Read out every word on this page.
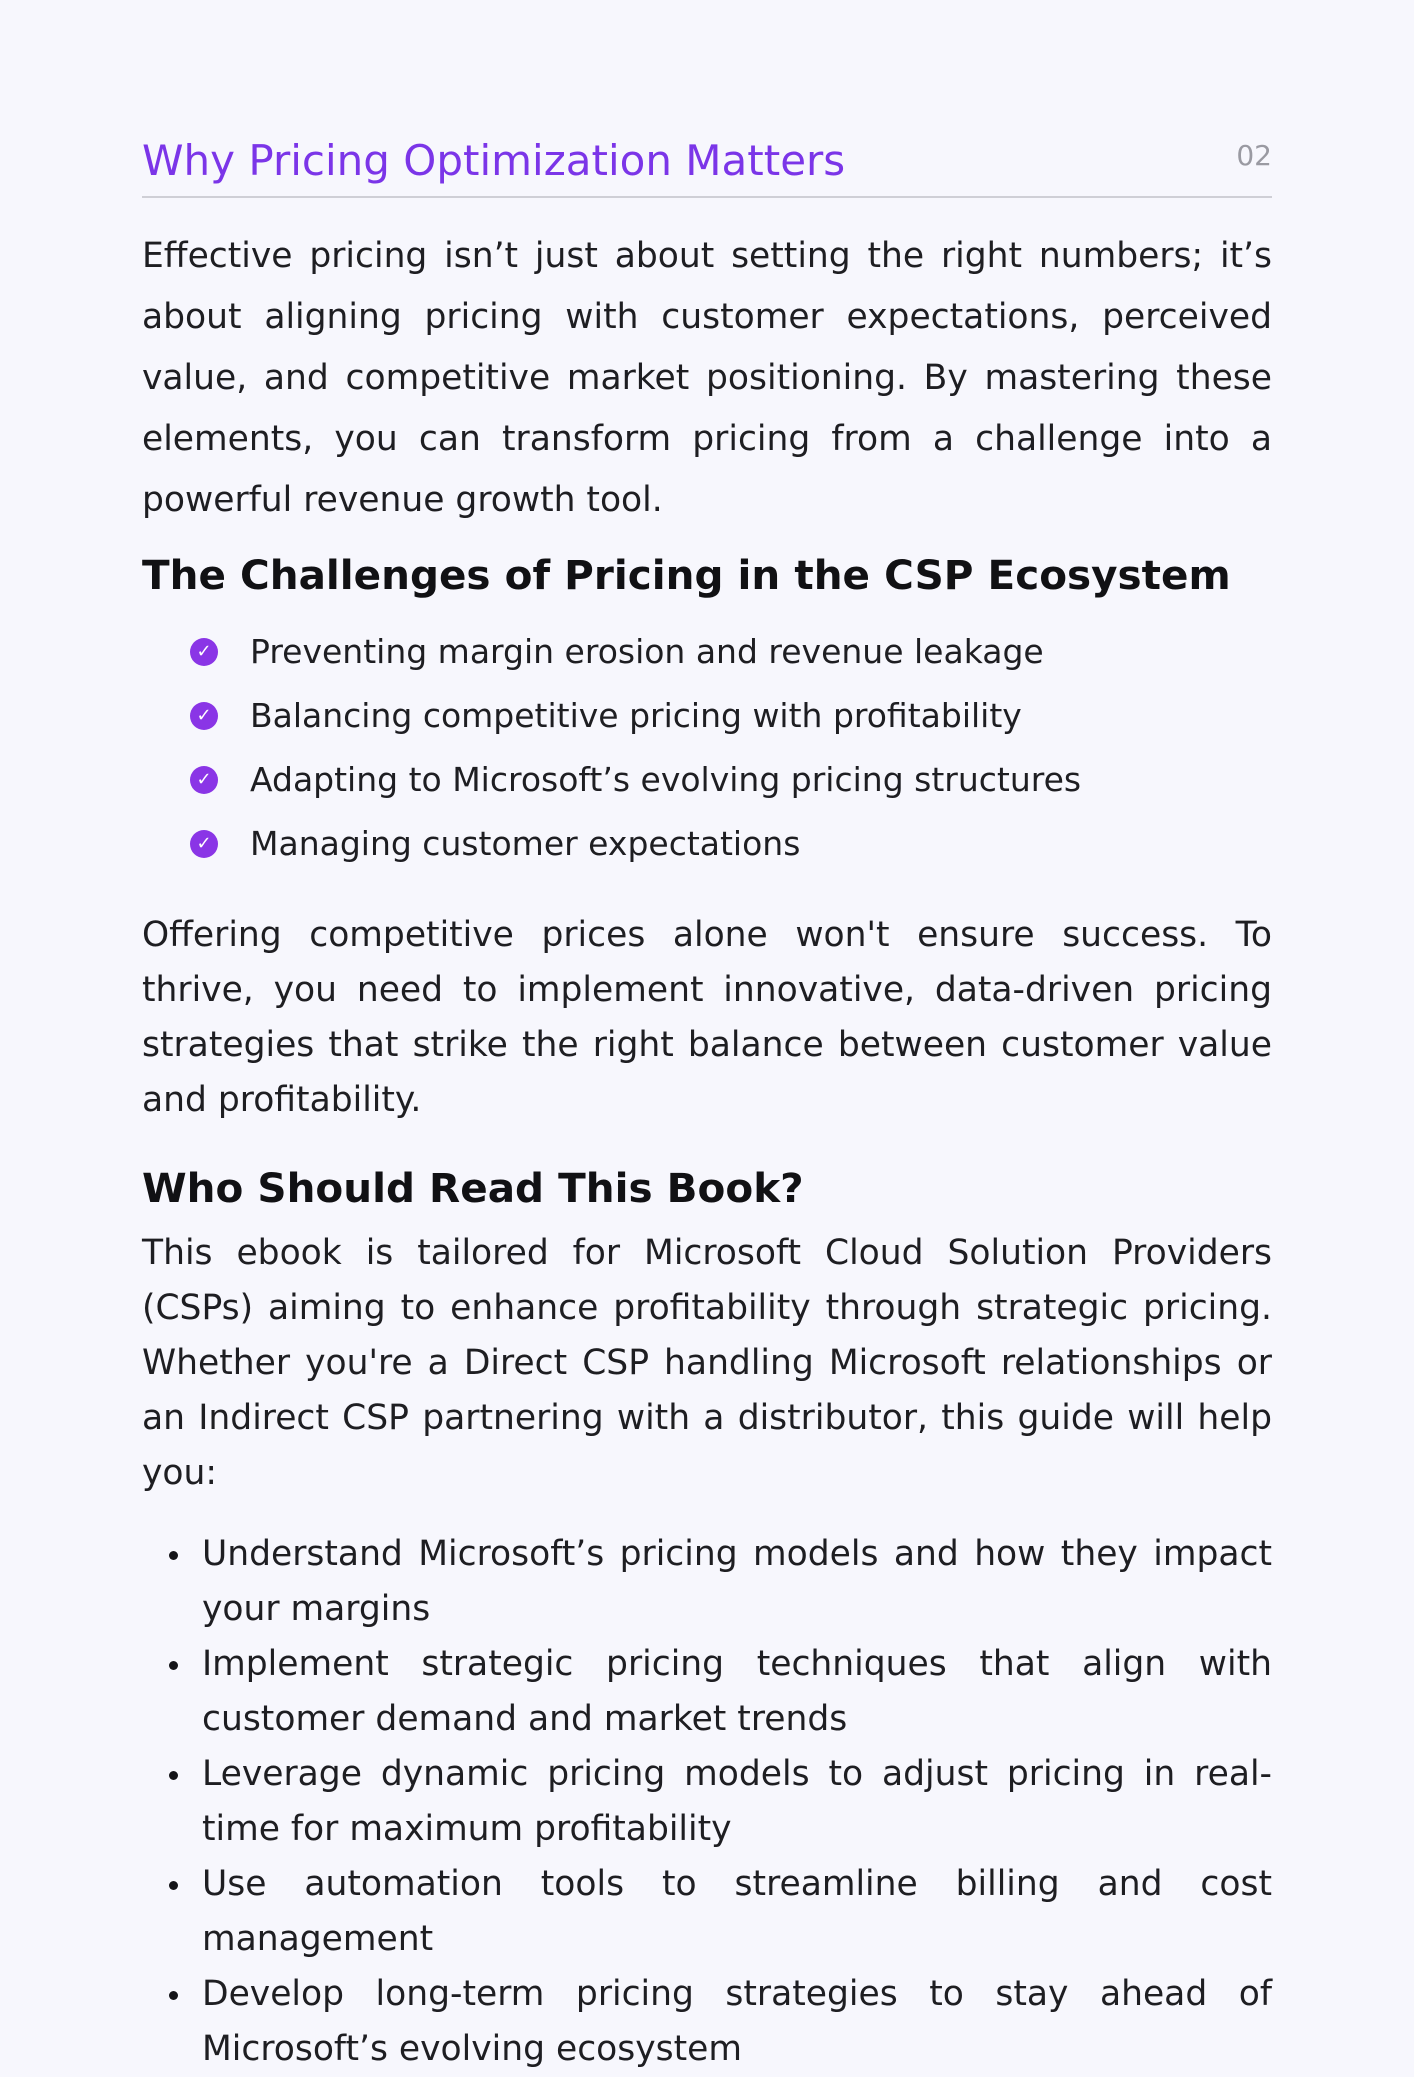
Why Pricing Optimization Matters	02

Effective pricing isn’t just about setting the right numbers; it’s about aligning pricing with customer expectations, perceived value, and competitive market positioning. By mastering these elements, you can transform pricing from a challenge into a powerful revenue growth tool.

The Challenges of Pricing in the CSP Ecosystem
✓ Preventing margin erosion and revenue leakage
✓ Balancing competitive pricing with profitability
✓ Adapting to Microsoft’s evolving pricing structures
✓ Managing customer expectations

Offering competitive prices alone won't ensure success. To thrive, you need to implement innovative, data-driven pricing strategies that strike the right balance between customer value and profitability.

Who Should Read This Book?

This ebook is tailored for Microsoft Cloud Solution Providers (CSPs) aiming to enhance profitability through strategic pricing. Whether you're a Direct CSP handling Microsoft relationships or an Indirect CSP partnering with a distributor, this guide will help you:

Understand Microsoft’s pricing models and how they impact your margins
Implement strategic pricing techniques that align with customer demand and market trends
Leverage dynamic pricing models to adjust pricing in real-time for maximum profitability
Use automation tools to streamline billing and cost management
Develop long-term pricing strategies to stay ahead of Microsoft’s evolving ecosystem
